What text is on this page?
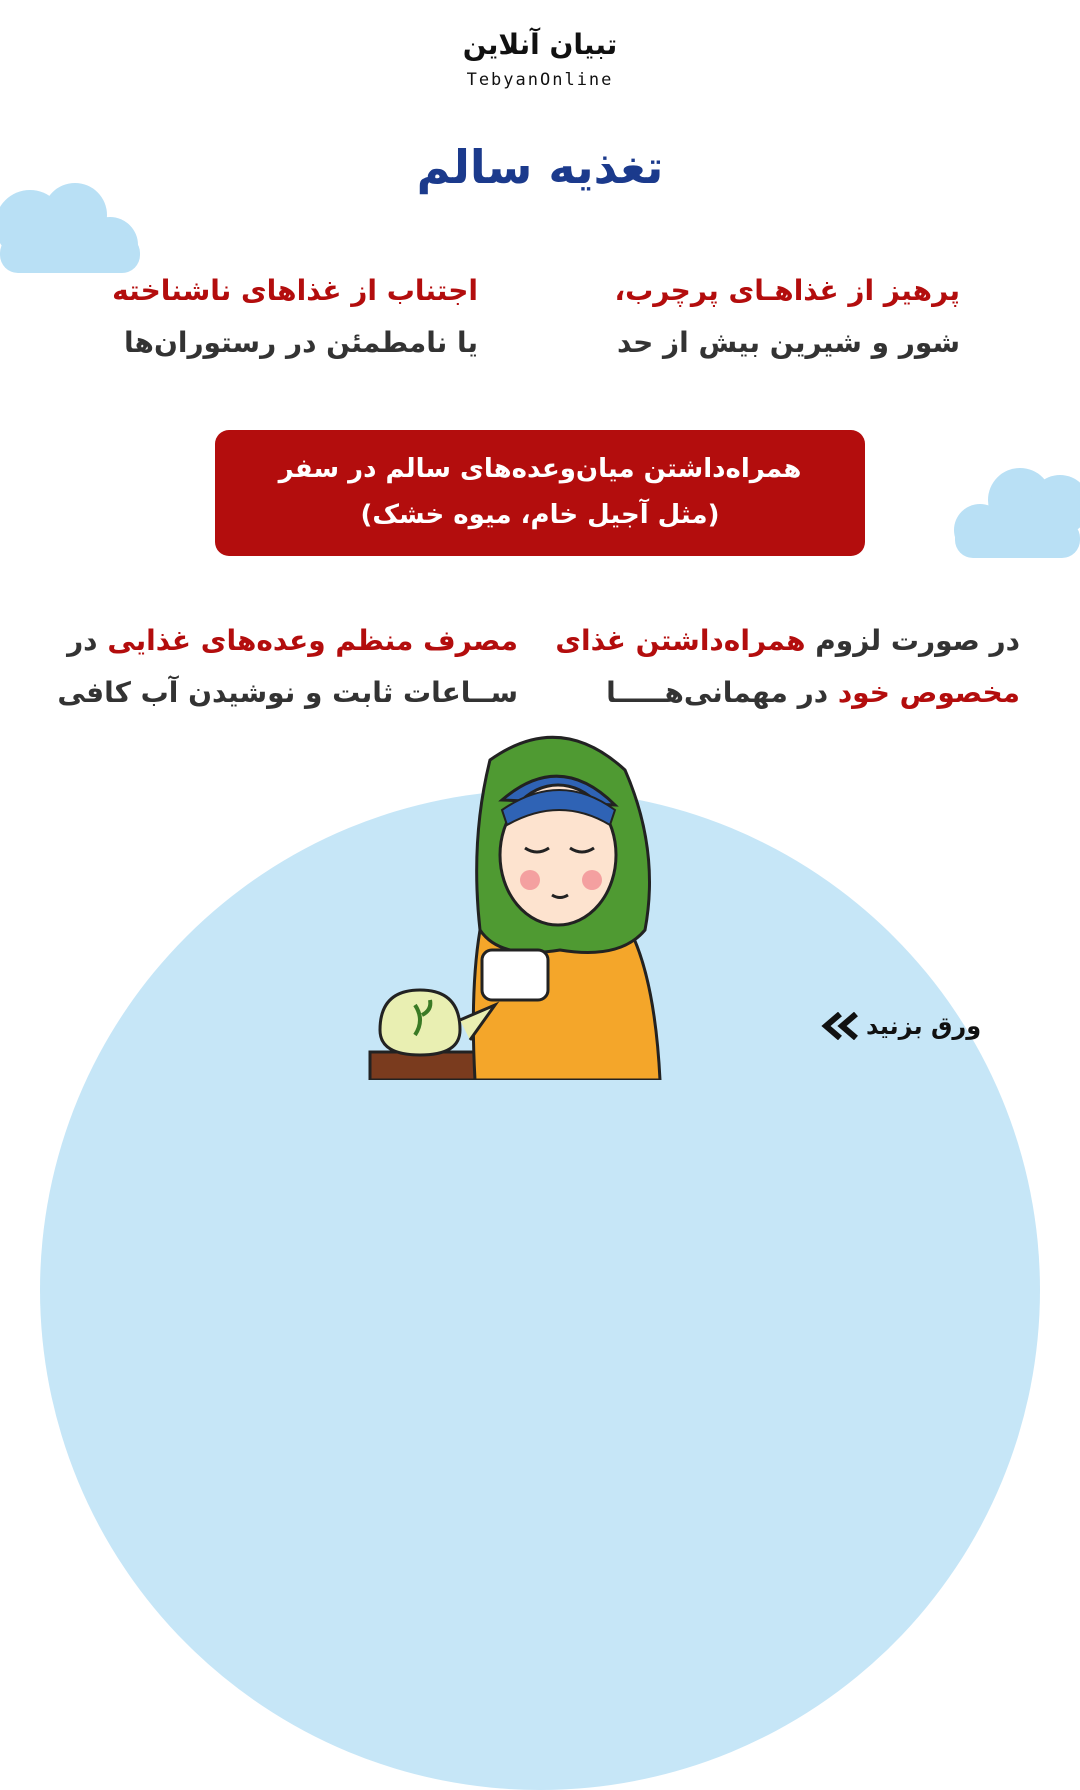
تبیان آنلاین
TebyanOnline
تغذیه سالم
پرهیز از غذاهـای پرچرب،
شور و شیرین بیش از حد
اجتناب از غذاهای ناشناخته
یا نامطمئن در رستوران‌ها
همراه‌داشتن میان‌وعده‌های سالم در سفر
(مثل آجیل خام، میوه خشک)
در صورت لزوم همراه‌داشتن غذای
مخصوص خود در مهمانی‌هـــــا
مصرف منظم وعده‌های غذایی در
ســاعات ثابت و نوشیدن آب کافی
ورق بزنید
